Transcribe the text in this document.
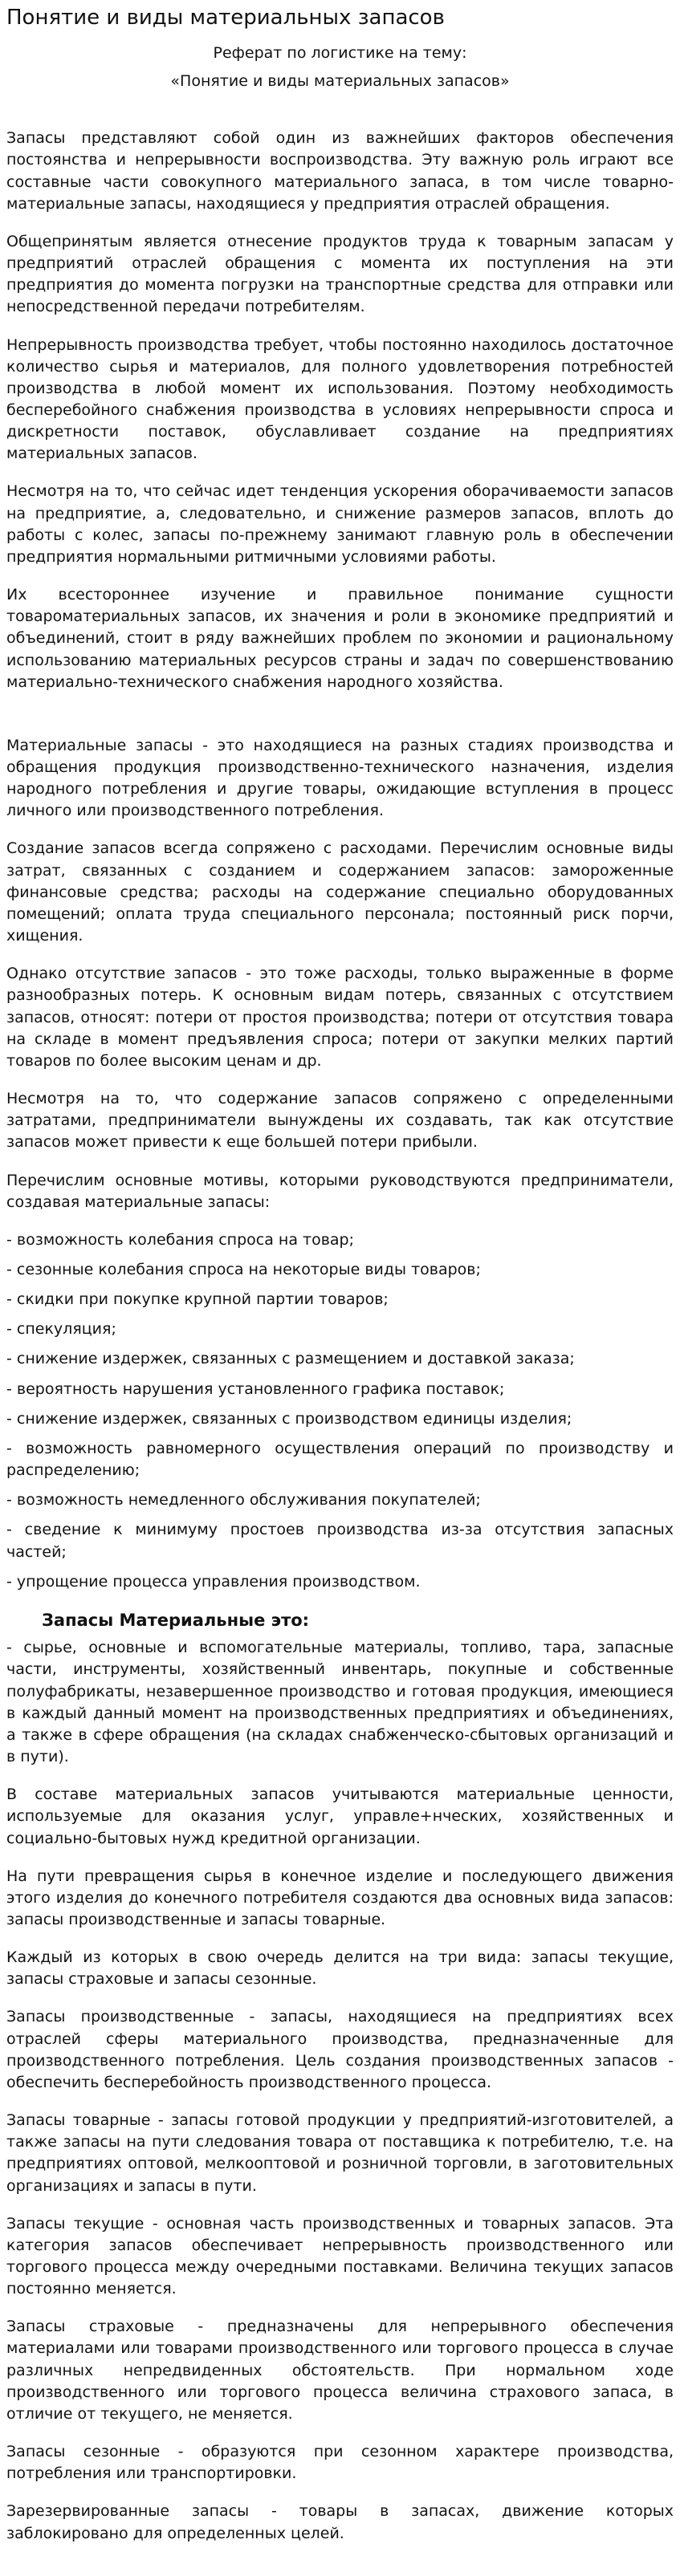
Понятие и виды материальных запасов
Реферат по логистике на тему:
«Понятие и виды материальных запасов»

Запасы представляют собой один из важнейших факторов обеспечения постоянства и непрерывности воспроизводства. Эту важную роль играют все составные части совокупного материального запаса, в том числе товарно-материальные запасы, находящиеся у предприятия отраслей обращения.

Общепринятым является отнесение продуктов труда к товарным запасам у предприятий отраслей обращения с момента их поступления на эти предприятия до момента погрузки на транспортные средства для отправки или непосредственной передачи потребителям.

Непрерывность производства требует, чтобы постоянно находилось достаточное количество сырья и материалов, для полного удовлетворения потребностей производства в любой момент их использования. Поэтому необходимость бесперебойного снабжения производства в условиях непрерывности спроса и дискретности поставок, обуславливает создание на предприятиях материальных запасов.

Несмотря на то, что сейчас идет тенденция ускорения оборачиваемости запасов на предприятие, а, следовательно, и снижение размеров запасов, вплоть до работы с колес, запасы по-прежнему занимают главную роль в обеспечении предприятия нормальными ритмичными условиями работы.

Их всестороннее изучение и правильное понимание сущности товароматериальных запасов, их значения и роли в экономике предприятий и объединений, стоит в ряду важнейших проблем по экономии и рациональному использованию материальных ресурсов страны и задач по совершенствованию материально-технического снабжения народного хозяйства.

Материальные запасы - это находящиеся на разных стадиях производства и обращения продукция производственно-технического назначения, изделия народного потребления и другие товары, ожидающие вступления в процесс личного или производственного потребления.

Создание запасов всегда сопряжено с расходами. Перечислим основные виды затрат, связанных с созданием и содержанием запасов: замороженные финансовые средства; расходы на содержание специально оборудованных помещений; оплата труда специального персонала; постоянный риск порчи, хищения.

Однако отсутствие запасов - это тоже расходы, только выраженные в форме разнообразных потерь. К основным видам потерь, связанных с отсутствием запасов, относят: потери от простоя производства; потери от отсутствия товара на складе в момент предъявления спроса; потери от закупки мелких партий товаров по более высоким ценам и др.

Несмотря на то, что содержание запасов сопряжено с определенными затратами, предприниматели вынуждены их создавать, так как отсутствие запасов может привести к еще большей потери прибыли.

Перечислим основные мотивы, которыми руководствуются предприниматели, создавая материальные запасы:

- возможность колебания спроса на товар;

- сезонные колебания спроса на некоторые виды товаров;

- скидки при покупке крупной партии товаров;

- спекуляция;

- снижение издержек, связанных с размещением и доставкой заказа;

- вероятность нарушения установленного графика поставок;

- снижение издержек, связанных с производством единицы изделия;

- возможность равномерного осуществления операций по производству и распределению;

- возможность немедленного обслуживания покупателей;

- сведение к минимуму простоев производства из-за отсутствия запасных частей;

- упрощение процесса управления производством.

Запасы Материальные это:

- сырье, основные и вспомогательные материалы, топливо, тара, запасные части, инструменты, хозяйственный инвентарь, покупные и собственные полуфабрикаты, незавершенное производство и готовая продукция, имеющиеся в каждый данный момент на производственных предприятиях и объединениях, а также в сфере обращения (на складах снабженческо-сбытовых организаций и в пути).

В составе материальных запасов учитываются материальные ценности, используемые для оказания услуг, управле+нческих, хозяйственных и социально-бытовых нужд кредитной организации.

На пути превращения сырья в конечное изделие и последующего движения этого изделия до конечного потребителя создаются два основных вида запасов: запасы производственные и запасы товарные.

Каждый из которых в свою очередь делится на три вида: запасы текущие, запасы страховые и запасы сезонные.

Запасы производственные - запасы, находящиеся на предприятиях всех отраслей сферы материального производства, предназначенные для производственного потребления. Цель создания производственных запасов - обеспечить бесперебойность производственного процесса.

Запасы товарные - запасы готовой продукции у предприятий-изготовителей, а также запасы на пути следования товара от поставщика к потребителю, т.е. на предприятиях оптовой, мелкооптовой и розничной торговли, в заготовительных организациях и запасы в пути.

Запасы текущие - основная часть производственных и товарных запасов. Эта категория запасов обеспечивает непрерывность производственного или торгового процесса между очередными поставками. Величина текущих запасов постоянно меняется.

Запасы страховые - предназначены для непрерывного обеспечения материалами или товарами производственного или торгового процесса в случае различных непредвиденных обстоятельств. При нормальном ходе производственного или торгового процесса величина страхового запаса, в отличие от текущего, не меняется.

Запасы сезонные - образуются при сезонном характере производства, потребления или транспортировки.

Зарезервированные запасы - товары в запасах, движение которых заблокировано для определенных целей.
